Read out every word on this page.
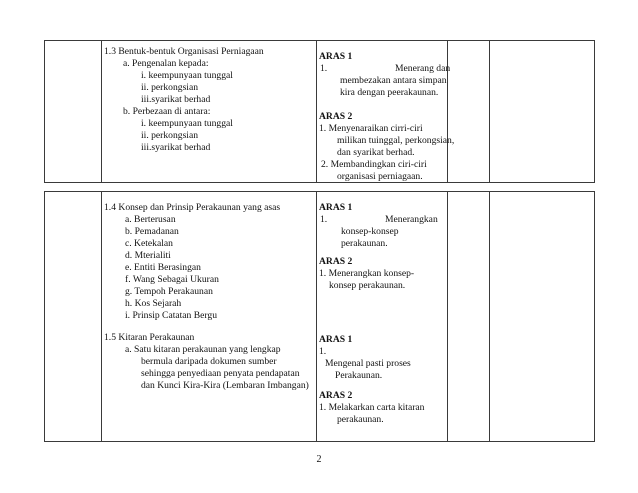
1.3 Bentuk-bentuk Organisasi Perniagaan
a. Pengenalan kepada:
i. keempunyaan tunggal
ii. perkongsian
iii.syarikat berhad
b. Perbezaan di antara:
i. keempunyaan tunggal
ii. perkongsian
iii.syarikat berhad
ARAS 1
1.	Menerang dan
membezakan antara simpan
kira dengan peerakaunan.
ARAS 2
1. Menyenaraikan cirri-ciri
milikan tuinggal, perkongsian,
dan syarikat berhad.
2. Membandingkan ciri-ciri
organisasi perniagaan.
1.4 Konsep dan Prinsip Perakaunan yang asas
a. Berterusan
b. Pemadanan
c. Ketekalan
d. Mterialiti
e. Entiti Berasingan
f. Wang Sebagai Ukuran
g. Tempoh Perakaunan
h. Kos Sejarah
i. Prinsip Catatan Bergu
1.5 Kitaran Perakaunan
a. Satu kitaran perakaunan yang lengkap
bermula daripada dokumen sumber
sehingga penyediaan penyata pendapatan
dan Kunci Kira-Kira (Lembaran Imbangan)
ARAS 1
1.	Menerangkan
konsep-konsep
perakaunan.
ARAS 2
1. Menerangkan konsep-
konsep perakaunan.
ARAS 1
1.
Mengenal pasti proses
Perakaunan.
ARAS 2
1. Melakarkan carta kitaran
perakaunan.
2
